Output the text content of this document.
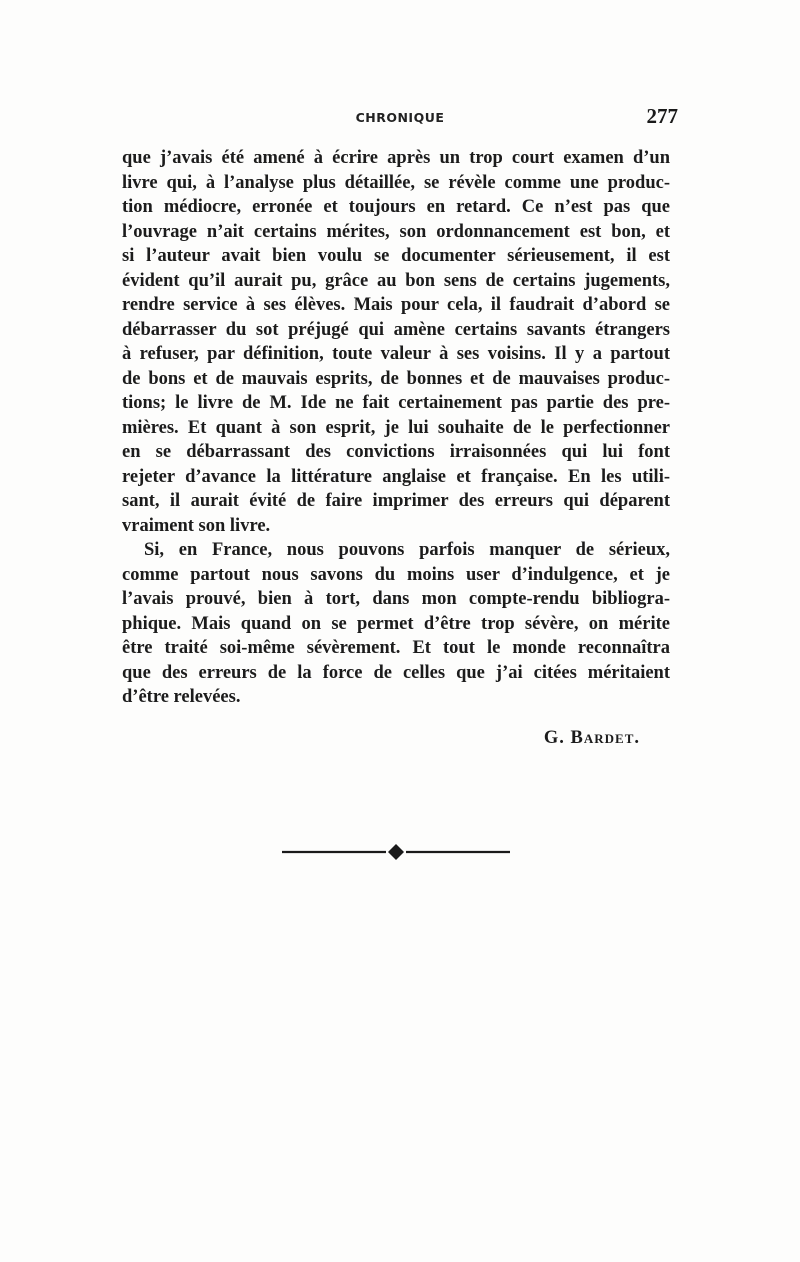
CHRONIQUE	277
que j’avais été amené à écrire après un trop court examen d’un
livre qui, à l’analyse plus détaillée, se révèle comme une produc-
tion médiocre, erronée et toujours en retard. Ce n’est pas que
l’ouvrage n’ait certains mérites, son ordonnancement est bon, et
si l’auteur avait bien voulu se documenter sérieusement, il est
évident qu’il aurait pu, grâce au bon sens de certains jugements,
rendre service à ses élèves. Mais pour cela, il faudrait d’abord se
débarrasser du sot préjugé qui amène certains savants étrangers
à refuser, par définition, toute valeur à ses voisins. Il y a partout
de bons et de mauvais esprits, de bonnes et de mauvaises produc-
tions; le livre de M. Ide ne fait certainement pas partie des pre-
mières. Et quant à son esprit, je lui souhaite de le perfectionner
en se débarrassant des convictions irraisonnées qui lui font
rejeter d’avance la littérature anglaise et française. En les utili-
sant, il aurait évité de faire imprimer des erreurs qui déparent
vraiment son livre.
Si, en France, nous pouvons parfois manquer de sérieux,
comme partout nous savons du moins user d’indulgence, et je
l’avais prouvé, bien à tort, dans mon compte-rendu bibliogra-
phique. Mais quand on se permet d’être trop sévère, on mérite
être traité soi-même sévèrement. Et tout le monde reconnaîtra
que des erreurs de la force de celles que j’ai citées méritaient
d’être relevées.
G. Bardet.
